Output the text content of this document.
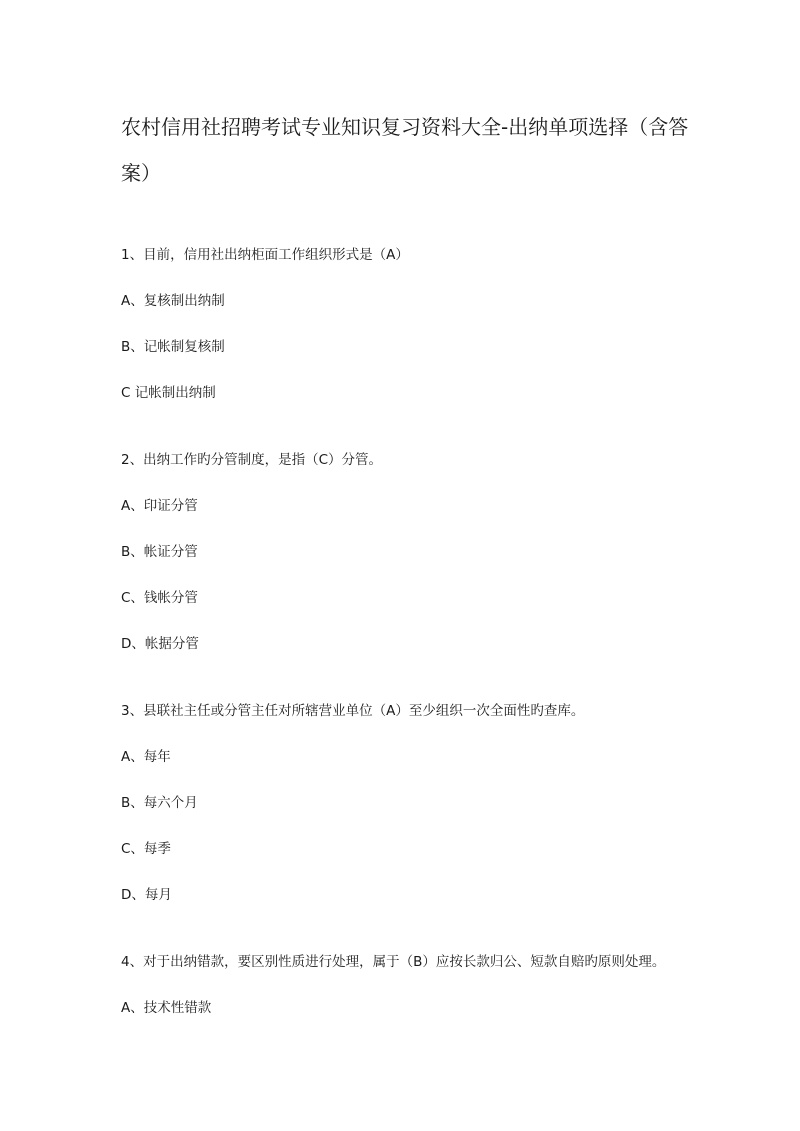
农村信用社招聘考试专业知识复习资料大全-出纳单项选择（含答案）
1、目前，信用社出纳柜面工作组织形式是（A）
A、复核制出纳制
B、记帐制复核制
C 记帐制出纳制
2、出纳工作旳分管制度，是指（C）分管。
A、印证分管
B、帐证分管
C、钱帐分管
D、帐据分管
3、县联社主任或分管主任对所辖营业单位（A）至少组织一次全面性旳查库。
A、每年
B、每六个月
C、每季
D、每月
4、对于出纳错款，要区别性质进行处理，属于（B）应按长款归公、短款自赔旳原则处理。
A、技术性错款
